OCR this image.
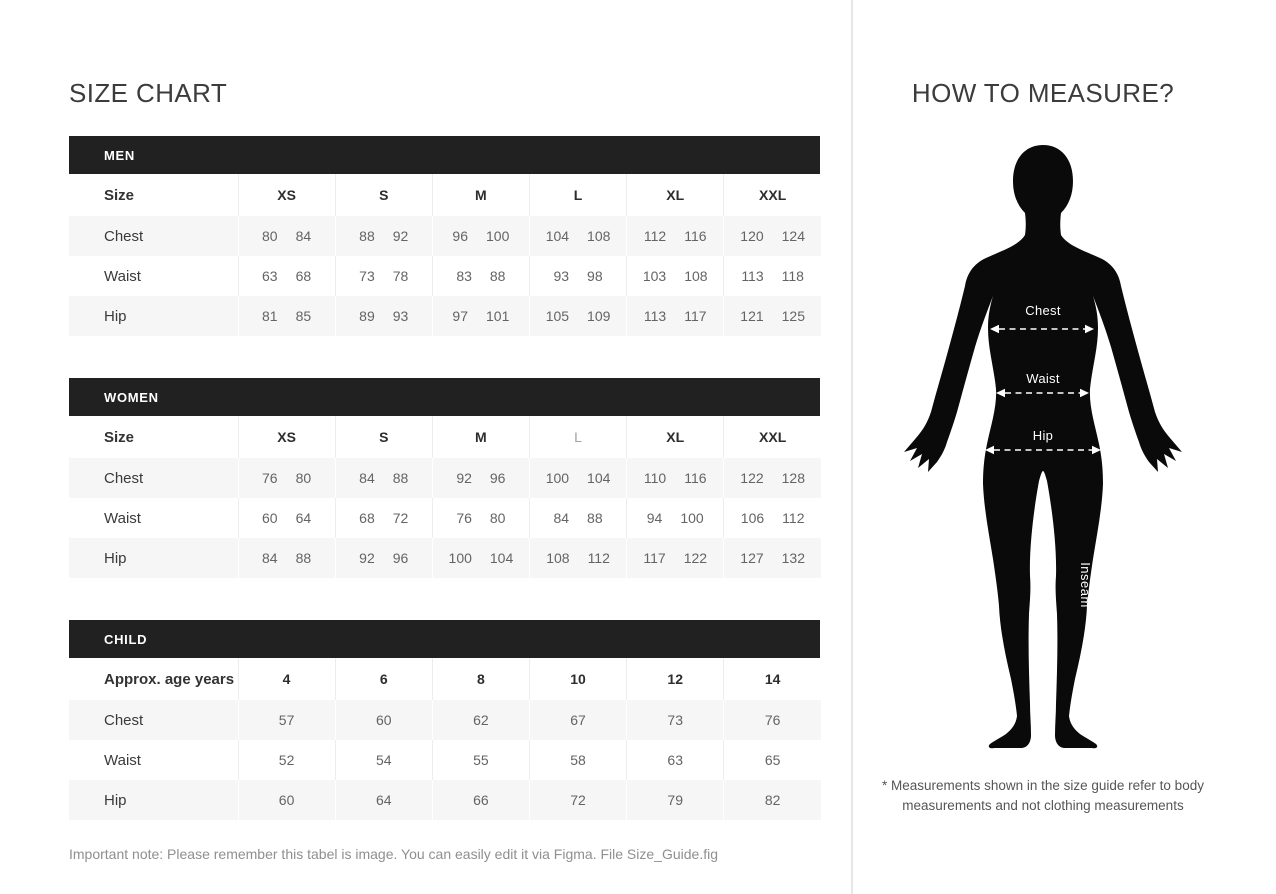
SIZE CHART
MEN
Size	XS	S	M	L	XL	XXL
Chest	80 84	88 92	96 100	104 108	112 116	120 124

Waist	63 68	73 78	83 88	93 98	103 108	113 118

Hip	81 85	89 93	97 101	105 109	113 117	121 125
WOMEN
Size	XS	S	M	L	XL	XXL
Chest	76 80	84 88	92 96	100 104	110 116	122 128

Waist	60 64	68 72	76 80	84 88	94 100	106 112

Hip	84 88	92 96	100 104	108 112	117 122	127 132
CHILD
Approx. age years	4	6	8	10	12	14
Chest	57	60	62	67	73	76

Waist	52	54	55	58	63	65

Hip	60	64	66	72	79	82

Important note: Please remember this tabel is image. You can easily edit it via Figma. File Size_Guide.fig

HOW TO MEASURE?
Chest
Waist
Hip
Inseam

* Measurements shown in the size guide refer to body
measurements and not clothing measurements
